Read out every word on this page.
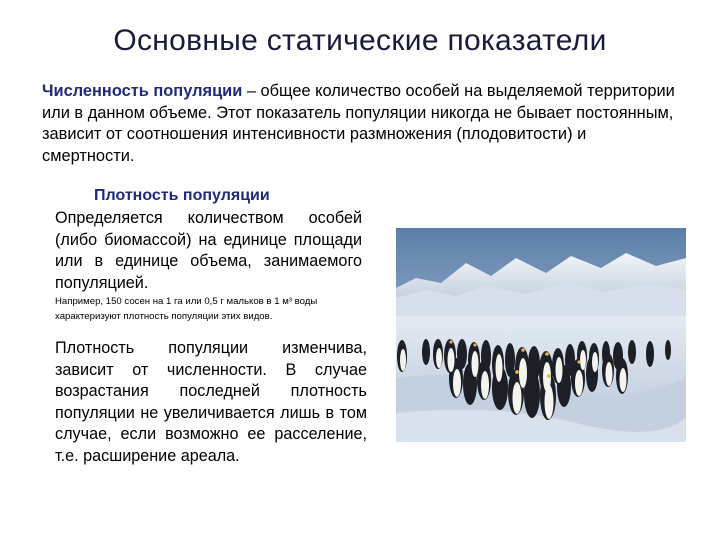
Основные статические показатели
Численность популяции – общее количество особей на выделяемой территории или в данном объеме. Этот показатель популяции никогда не бывает постоянным, зависит от соотношения интенсивности размножения (плодовитости) и смертности.
Плотность популяции
Определяется количеством особей (либо биомассой) на единице площади или в единице объема, занимаемого популяцией.
Например, 150 сосен на 1 га или 0,5 г мальков в 1 м³ воды характеризуют плотность популяции этих видов.
Плотность популяции изменчива, зависит от численности. В случае возрастания последней плотность популяции не увеличивается лишь в том случае, если возможно ее расселение, т.е. расширение ареала.
